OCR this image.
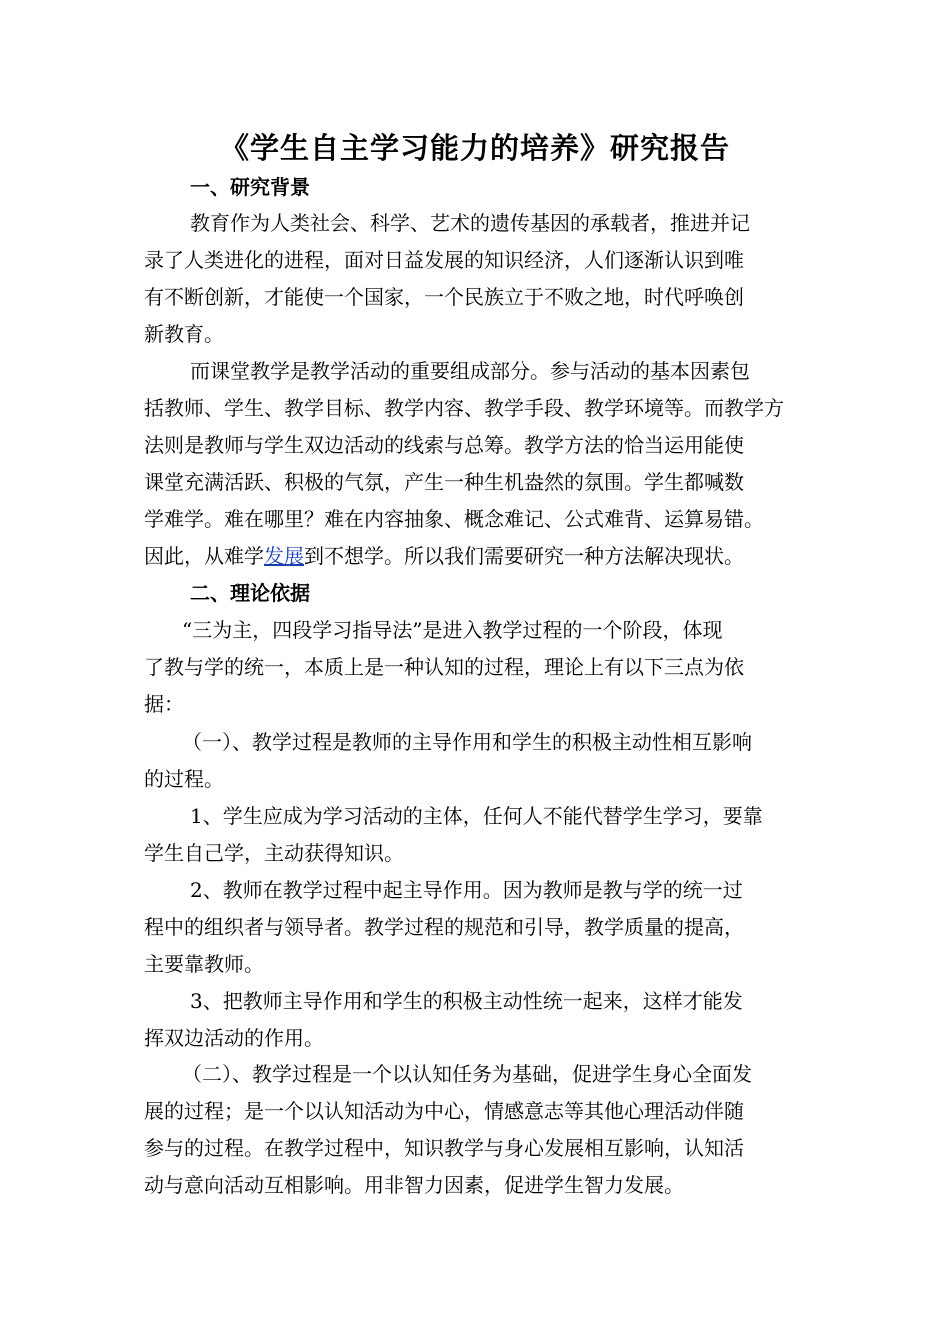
《学生自主学习能力的培养》研究报告
一、研究背景
教育作为人类社会、科学、艺术的遗传基因的承载者，推进并记
录了人类进化的进程，面对日益发展的知识经济，人们逐渐认识到唯
有不断创新，才能使一个国家，一个民族立于不败之地，时代呼唤创
新教育。
而课堂教学是教学活动的重要组成部分。参与活动的基本因素包
括教师、学生、教学目标、教学内容、教学手段、教学环境等。而教学方
法则是教师与学生双边活动的线索与总筹。教学方法的恰当运用能使
课堂充满活跃、积极的气氛，产生一种生机盎然的氛围。学生都喊数
学难学。难在哪里？难在内容抽象、概念难记、公式难背、运算易错。
因此，从难学发展到不想学。所以我们需要研究一种方法解决现状。
二、理论依据
“三为主，四段学习指导法”是进入教学过程的一个阶段，体现
了教与学的统一，本质上是一种认知的过程，理论上有以下三点为依
据：
（一）、教学过程是教师的主导作用和学生的积极主动性相互影响
的过程。
1、学生应成为学习活动的主体，任何人不能代替学生学习，要靠
学生自己学，主动获得知识。
2、教师在教学过程中起主导作用。因为教师是教与学的统一过
程中的组织者与领导者。教学过程的规范和引导，教学质量的提高，
主要靠教师。
3、把教师主导作用和学生的积极主动性统一起来，这样才能发
挥双边活动的作用。
（二）、教学过程是一个以认知任务为基础，促进学生身心全面发
展的过程；是一个以认知活动为中心，情感意志等其他心理活动伴随
参与的过程。在教学过程中，知识教学与身心发展相互影响，认知活
动与意向活动互相影响。用非智力因素，促进学生智力发展。
